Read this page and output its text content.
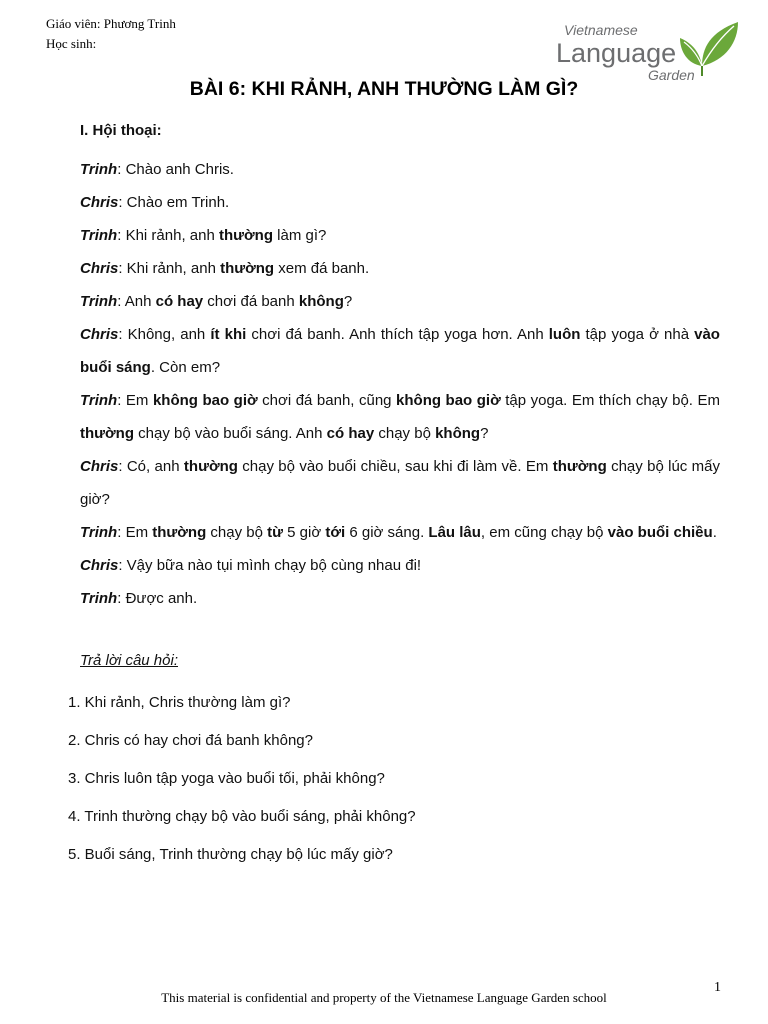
Giáo viên: Phương Trinh
Học sinh:
Vietnamese
Language
Garden
BÀI 6: KHI RẢNH, ANH THƯỜNG LÀM GÌ?
I. Hội thoại:

Trinh: Chào anh Chris.

Chris: Chào em Trinh.

Trinh: Khi rảnh, anh thường làm gì?

Chris: Khi rảnh, anh thường xem đá banh.

Trinh: Anh có hay chơi đá banh không?

Chris: Không, anh ít khi chơi đá banh. Anh thích tập yoga hơn. Anh luôn tập yoga ở nhà vào buổi sáng. Còn em?

Trinh: Em không bao giờ chơi đá banh, cũng không bao giờ tập yoga. Em thích chạy bộ. Em thường chạy bộ vào buổi sáng. Anh có hay chạy bộ không?

Chris: Có, anh thường chạy bộ vào buổi chiều, sau khi đi làm về. Em thường chạy bộ lúc mấy giờ?

Trinh: Em thường chạy bộ từ 5 giờ tới 6 giờ sáng. Lâu lâu, em cũng chạy bộ vào buổi chiều.

Chris: Vậy bữa nào tụi mình chạy bộ cùng nhau đi!

Trinh: Được anh.

Trả lời câu hỏi:

1. Khi rảnh, Chris thường làm gì?

2. Chris có hay chơi đá banh không?

3. Chris luôn tập yoga vào buổi tối, phải không?

4. Trinh thường chạy bộ vào buổi sáng, phải không?

5. Buổi sáng, Trinh thường chạy bộ lúc mấy giờ?

1
This material is confidential and property of the Vietnamese Language Garden school
